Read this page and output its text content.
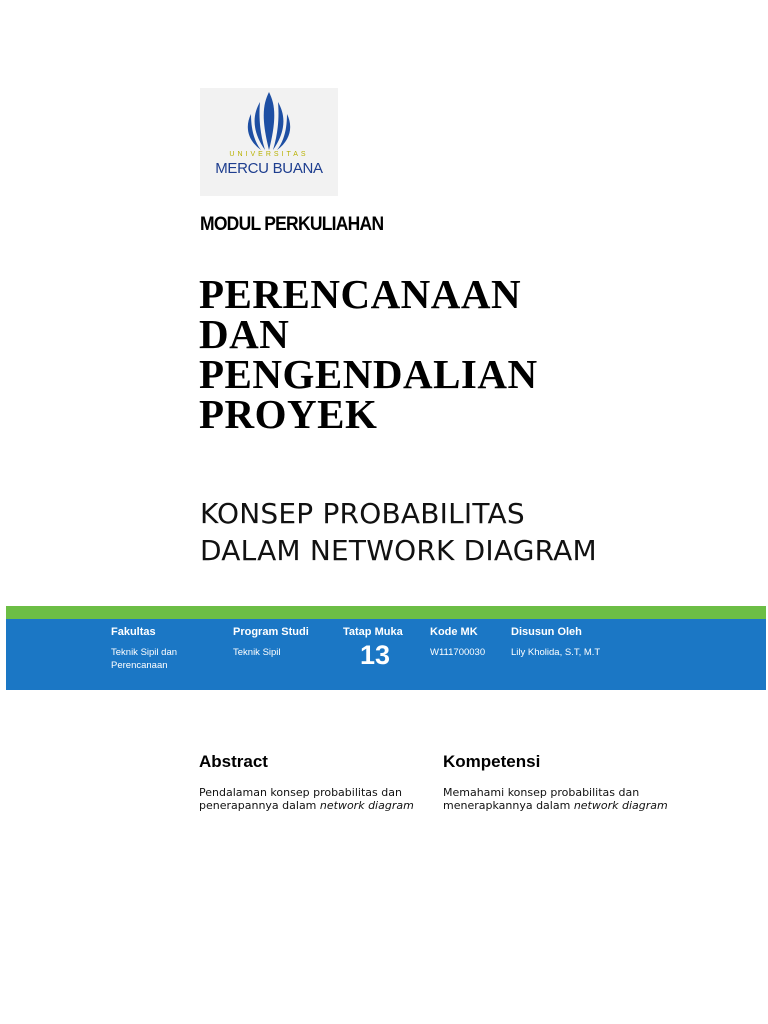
UNIVERSITAS
MERCU BUANA
MODUL PERKULIAHAN
PERENCANAAN
DAN
PENGENDALIAN
PROYEK
KONSEP PROBABILITAS
DALAM NETWORK DIAGRAM
Fakultas
Teknik Sipil dan
Perencanaan
Program Studi
Teknik Sipil
Tatap Muka
13
Kode MK
W111700030
Disusun Oleh
Lily Kholida, S.T, M.T
Abstract
Pendalaman konsep probabilitas dan
penerapannya dalam network diagram
Kompetensi
Memahami konsep probabilitas dan
menerapkannya dalam network diagram
